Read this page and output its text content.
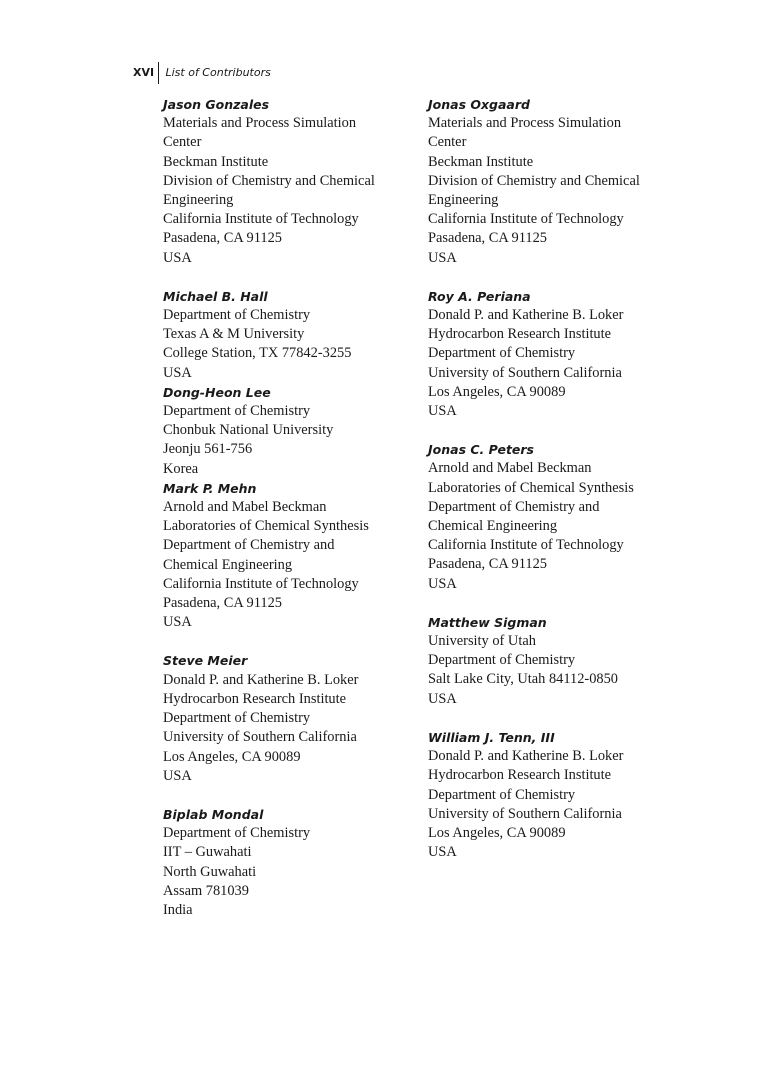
XVI	List of Contributors
Jason Gonzales
Materials and Process Simulation
Center
Beckman Institute
Division of Chemistry and Chemical
Engineering
California Institute of Technology
Pasadena, CA 91125
USA
Michael B. Hall
Department of Chemistry
Texas A & M University
College Station, TX 77842-3255
USA
Dong-Heon Lee
Department of Chemistry
Chonbuk National University
Jeonju 561-756
Korea
Mark P. Mehn
Arnold and Mabel Beckman
Laboratories of Chemical Synthesis
Department of Chemistry and
Chemical Engineering
California Institute of Technology
Pasadena, CA 91125
USA
Steve Meier
Donald P. and Katherine B. Loker
Hydrocarbon Research Institute
Department of Chemistry
University of Southern California
Los Angeles, CA 90089
USA
Biplab Mondal
Department of Chemistry
IIT – Guwahati
North Guwahati
Assam 781039
India
Jonas Oxgaard
Materials and Process Simulation
Center
Beckman Institute
Division of Chemistry and Chemical
Engineering
California Institute of Technology
Pasadena, CA 91125
USA
Roy A. Periana
Donald P. and Katherine B. Loker
Hydrocarbon Research Institute
Department of Chemistry
University of Southern California
Los Angeles, CA 90089
USA
Jonas C. Peters
Arnold and Mabel Beckman
Laboratories of Chemical Synthesis
Department of Chemistry and
Chemical Engineering
California Institute of Technology
Pasadena, CA 91125
USA
Matthew Sigman
University of Utah
Department of Chemistry
Salt Lake City, Utah 84112-0850
USA
William J. Tenn, III
Donald P. and Katherine B. Loker
Hydrocarbon Research Institute
Department of Chemistry
University of Southern California
Los Angeles, CA 90089
USA
